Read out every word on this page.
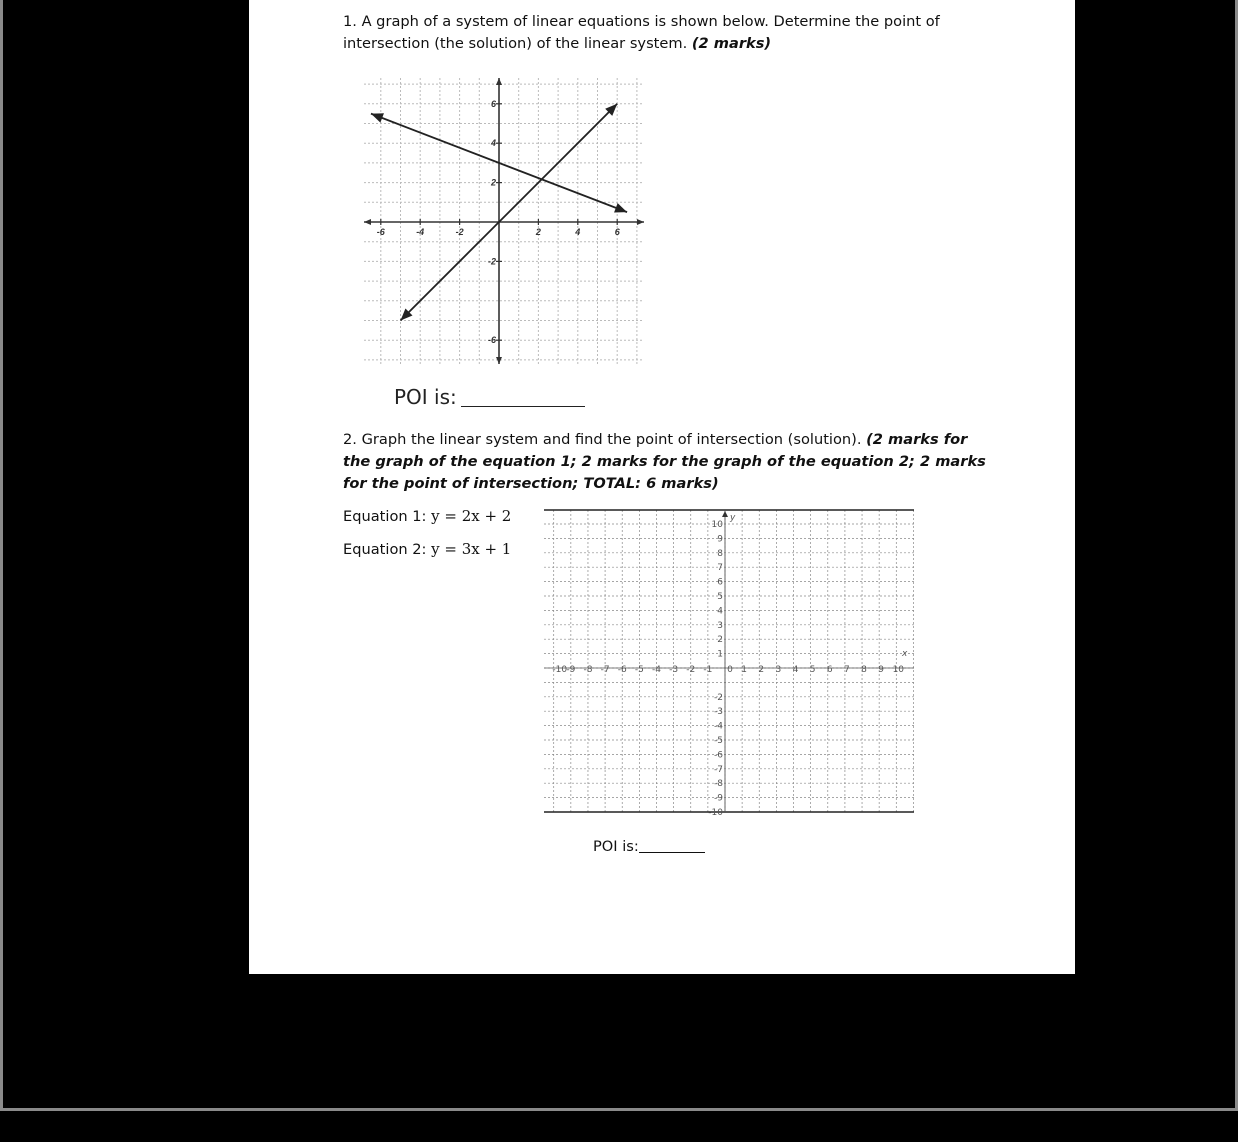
1. A graph of a system of linear equations is shown below. Determine the point of intersection (the solution) of the linear system. (2 marks)
-6	-4	-2	2	4	6
6
4
2
-2
-6
POI is:
2. Graph the linear system and find the point of intersection (solution). (2 marks for the graph of the equation 1; 2 marks for the graph of the equation 2; 2 marks for the point of intersection; TOTAL: 6 marks)
Equation 1: y = 2x + 2
Equation 2: y = 3x + 1
y
x
-10 -9 -8 -7 -6 -5 -4 -3 -2 -1 0 1 2 3 4 5 6 7 8 9 10
10
9
8
7
6
5
4
3
2
1
-2
-3
-4
-5
-6
-7
-8
-9
-10
POI is:
